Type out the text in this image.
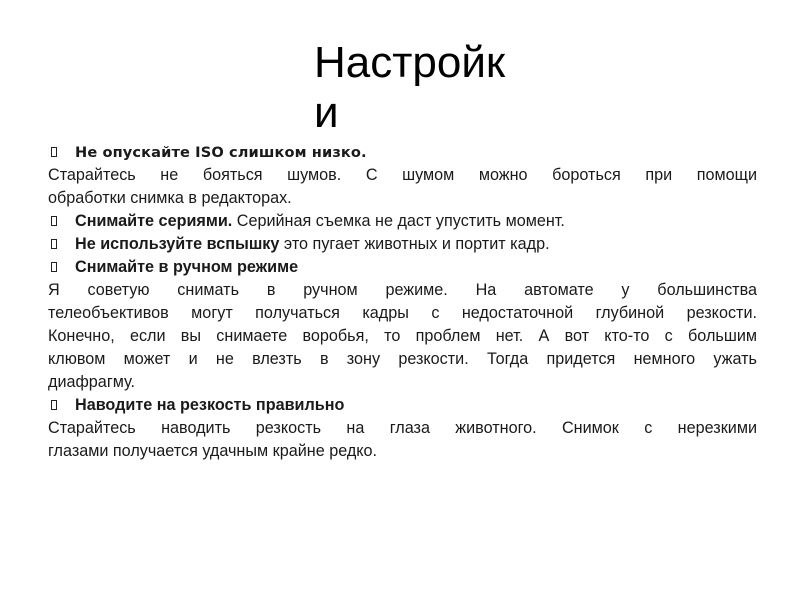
Настройк
и
Не опускайте ISO слишком низко.
Старайтесь не бояться шумов. С шумом можно бороться при помощи
обработки снимка в редакторах.
Снимайте сериями. Серийная съемка не даст упустить момент.
Не используйте вспышку это пугает животных и портит кадр.
Снимайте в ручном режиме
Я советую снимать в ручном режиме. На автомате у большинства
телеобъективов могут получаться кадры с недостаточной глубиной резкости.
Конечно, если вы снимаете воробья, то проблем нет. А вот кто-то с большим
клювом может и не влезть в зону резкости. Тогда придется немного ужать
диафрагму.
Наводите на резкость правильно
Старайтесь наводить резкость на глаза животного. Снимок с нерезкими
глазами получается удачным крайне редко.
